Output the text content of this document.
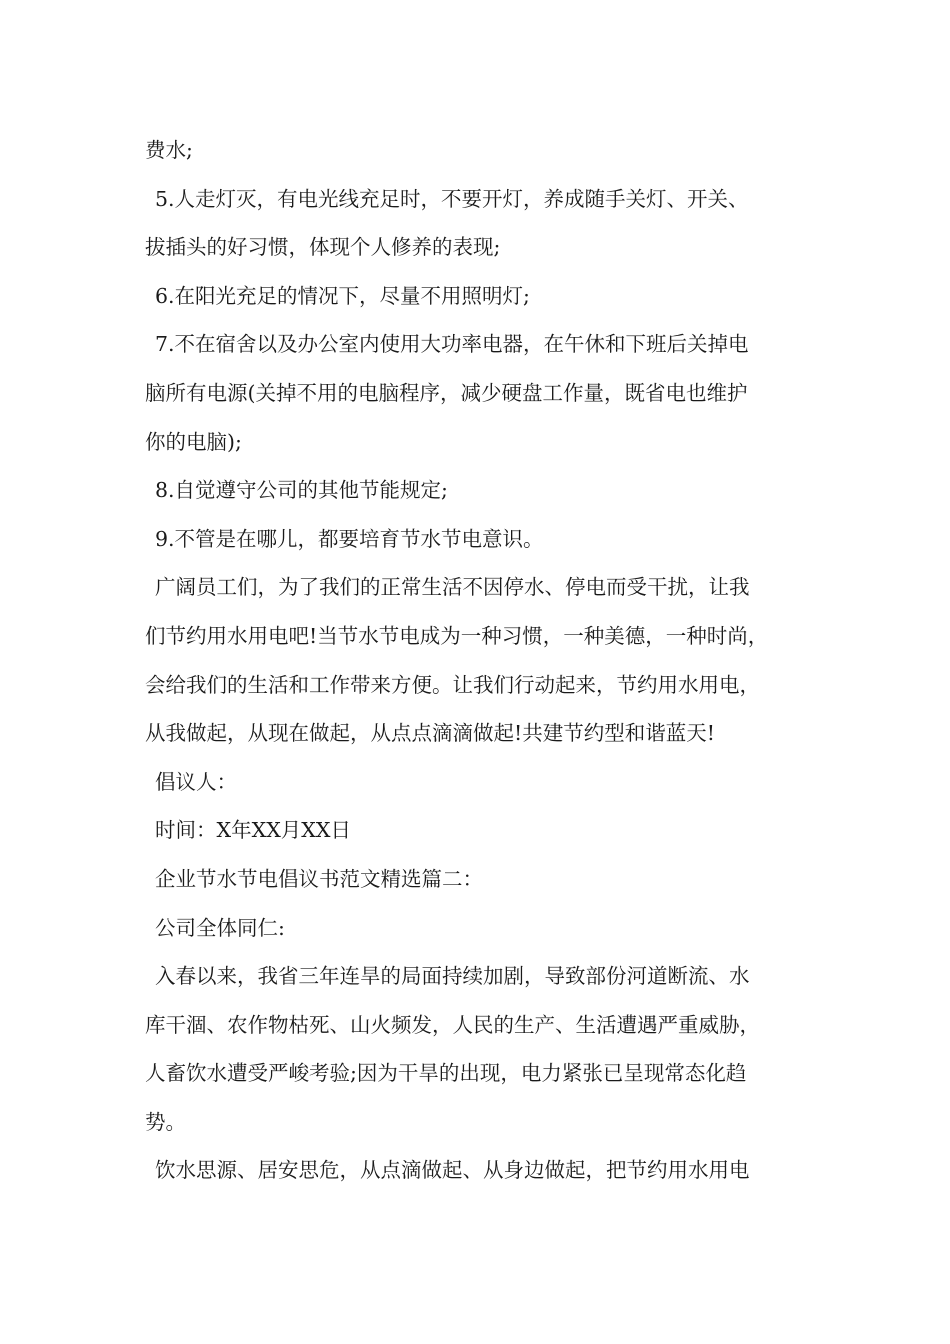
费水;
5.人走灯灭，有电光线充足时，不要开灯，养成随手关灯、开关、
拔插头的好习惯，体现个人修养的表现;
6.在阳光充足的情况下，尽量不用照明灯;
7.不在宿舍以及办公室内使用大功率电器，在午休和下班后关掉电
脑所有电源(关掉不用的电脑程序，减少硬盘工作量，既省电也维护
你的电脑);
8.自觉遵守公司的其他节能规定;
9.不管是在哪儿，都要培育节水节电意识。
广阔员工们，为了我们的正常生活不因停水、停电而受干扰，让我
们节约用水用电吧!当节水节电成为一种习惯，一种美德，一种时尚，
会给我们的生活和工作带来方便。让我们行动起来，节约用水用电，
从我做起，从现在做起，从点点滴滴做起!共建节约型和谐蓝天!
倡议人：
时间：X年XX月XX日
企业节水节电倡议书范文精选篇二：
公司全体同仁:
入春以来，我省三年连旱的局面持续加剧，导致部份河道断流、水
库干涸、农作物枯死、山火频发，人民的生产、生活遭遇严重威胁，
人畜饮水遭受严峻考验;因为干旱的出现，电力紧张已呈现常态化趋
势。
饮水思源、居安思危，从点滴做起、从身边做起，把节约用水用电
